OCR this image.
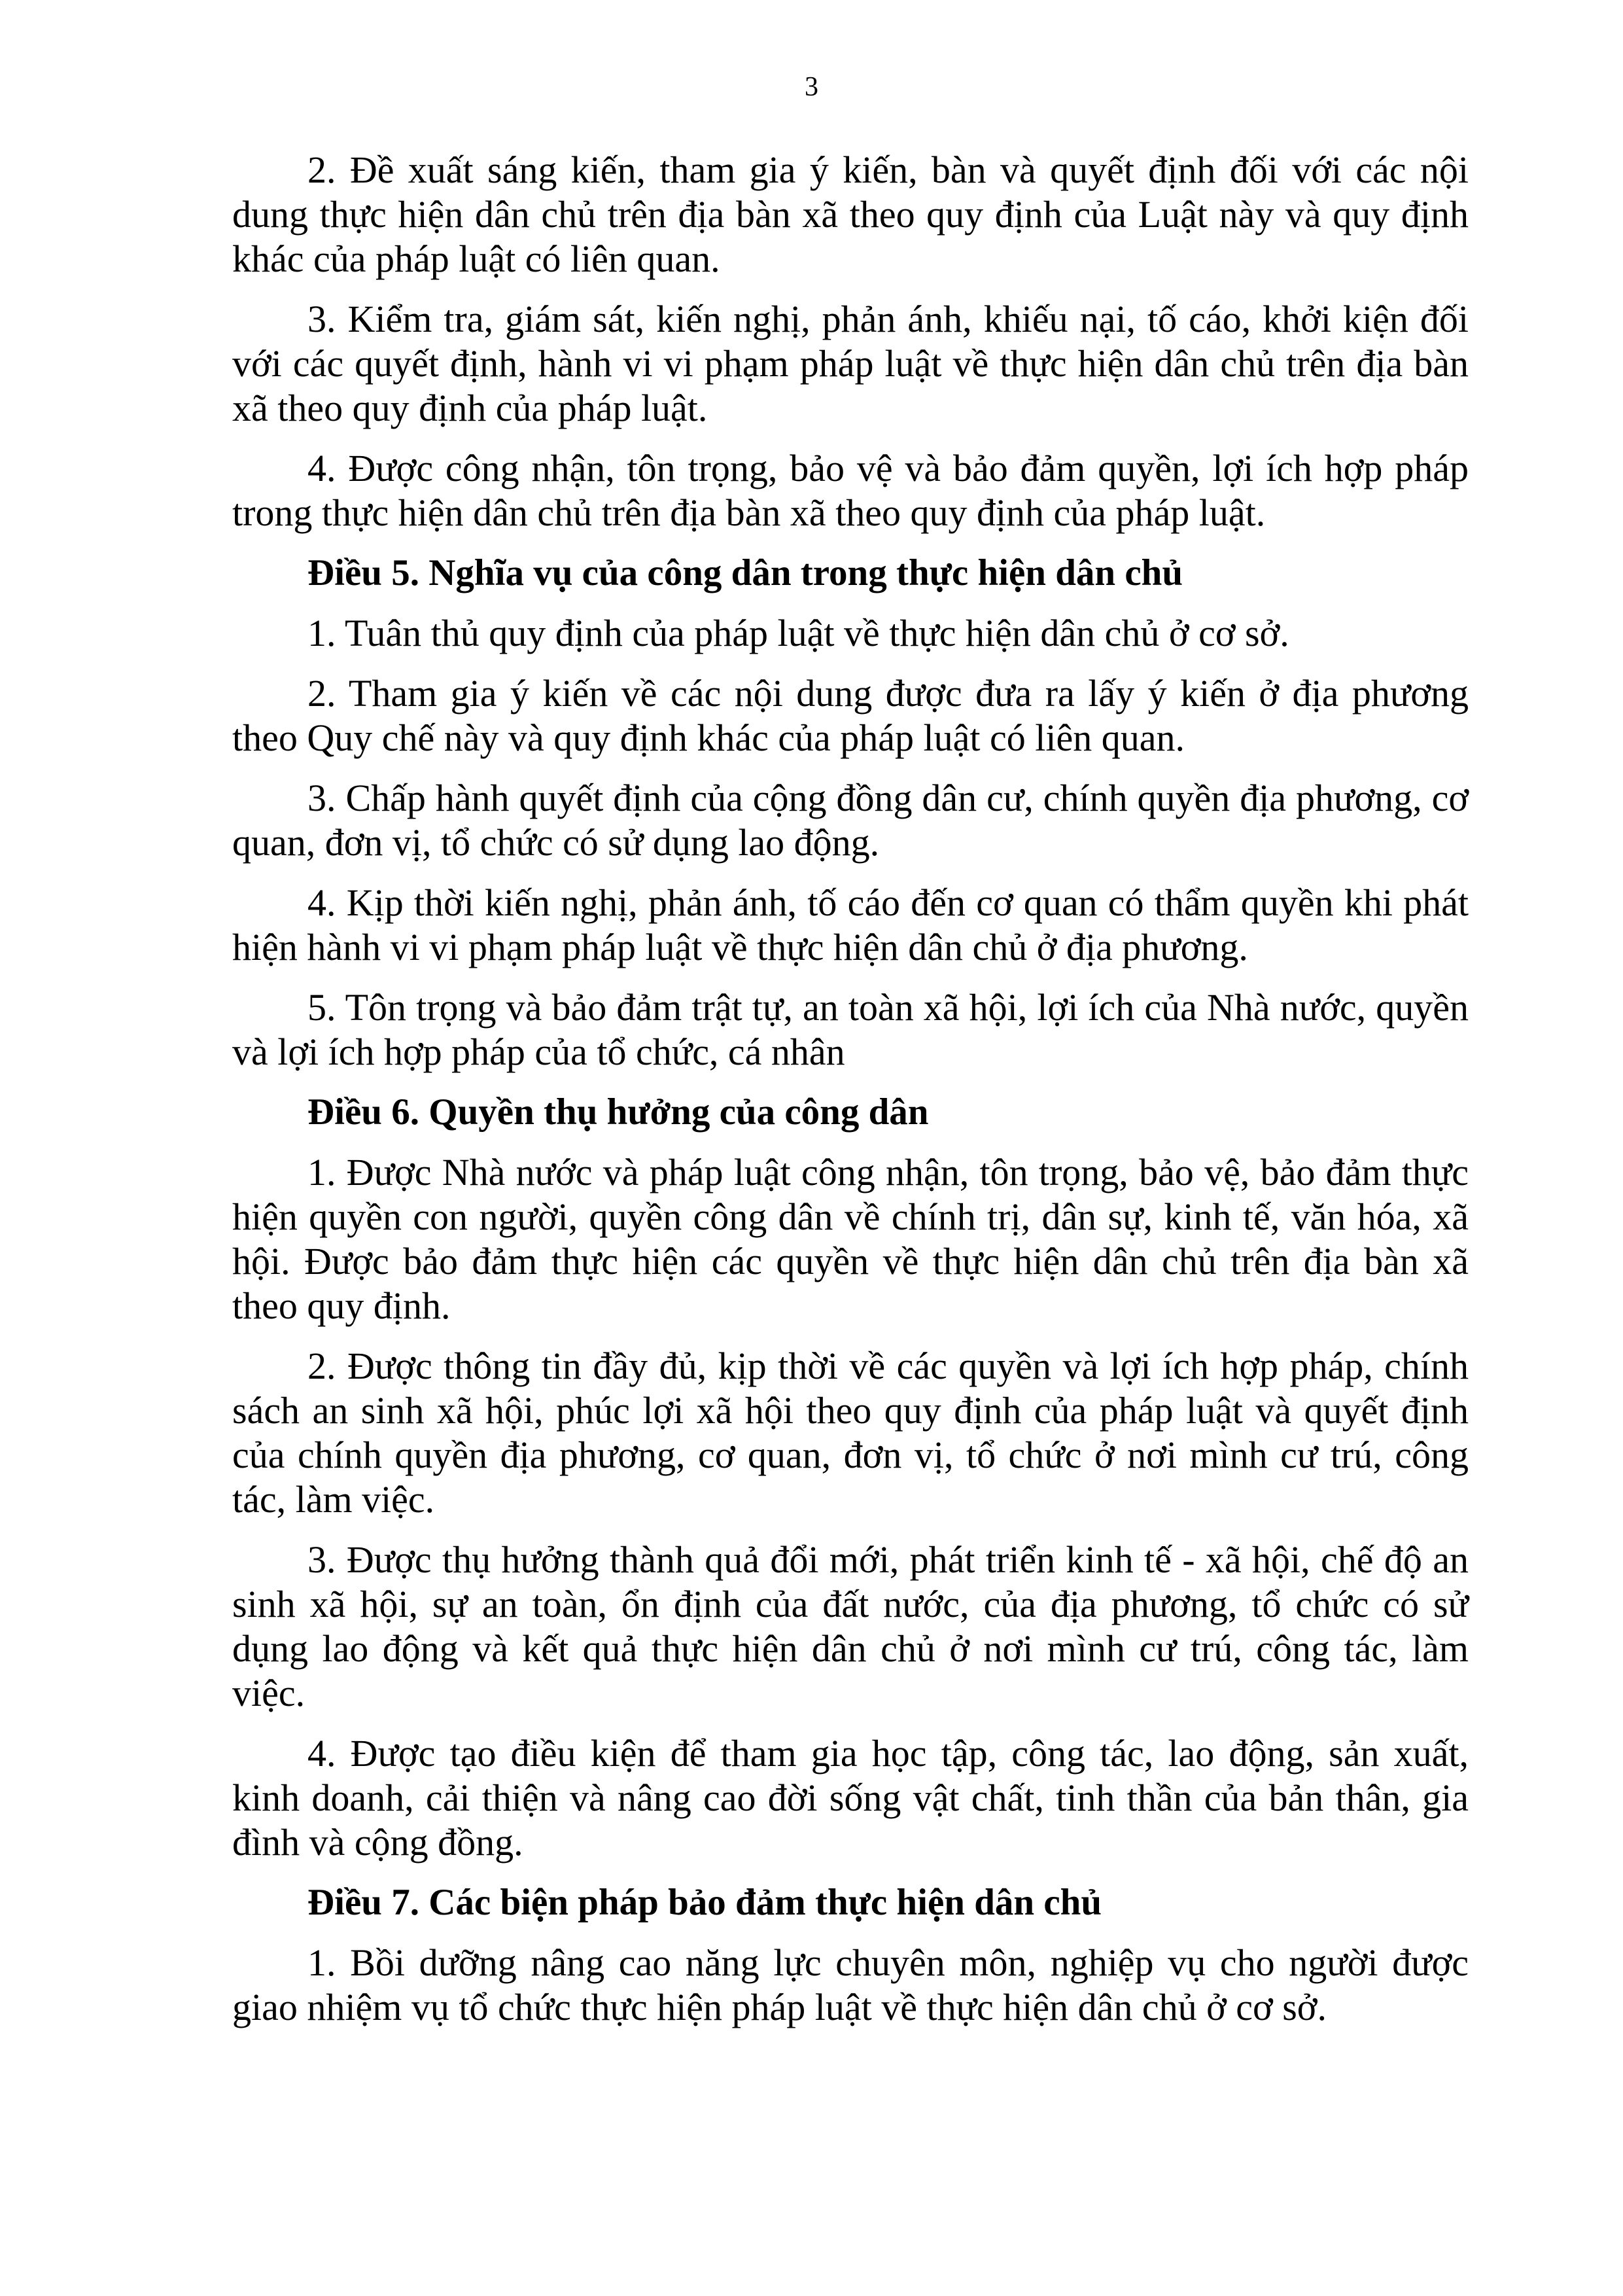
3

2. Đề xuất sáng kiến, tham gia ý kiến, bàn và quyết định đối với các nội dung thực hiện dân chủ trên địa bàn xã theo quy định của Luật này và quy định khác của pháp luật có liên quan.

3. Kiểm tra, giám sát, kiến nghị, phản ánh, khiếu nại, tố cáo, khởi kiện đối với các quyết định, hành vi vi phạm pháp luật về thực hiện dân chủ trên địa bàn xã theo quy định của pháp luật.

4. Được công nhận, tôn trọng, bảo vệ và bảo đảm quyền, lợi ích hợp pháp trong thực hiện dân chủ trên địa bàn xã theo quy định của pháp luật.

Điều 5. Nghĩa vụ của công dân trong thực hiện dân chủ

1. Tuân thủ quy định của pháp luật về thực hiện dân chủ ở cơ sở.

2. Tham gia ý kiến về các nội dung được đưa ra lấy ý kiến ở địa phương theo Quy chế này và quy định khác của pháp luật có liên quan.

3. Chấp hành quyết định của cộng đồng dân cư, chính quyền địa phương, cơ quan, đơn vị, tổ chức có sử dụng lao động.

4. Kịp thời kiến nghị, phản ánh, tố cáo đến cơ quan có thẩm quyền khi phát hiện hành vi vi phạm pháp luật về thực hiện dân chủ ở địa phương.

5. Tôn trọng và bảo đảm trật tự, an toàn xã hội, lợi ích của Nhà nước, quyền và lợi ích hợp pháp của tổ chức, cá nhân

Điều 6. Quyền thụ hưởng của công dân

1. Được Nhà nước và pháp luật công nhận, tôn trọng, bảo vệ, bảo đảm thực hiện quyền con người, quyền công dân về chính trị, dân sự, kinh tế, văn hóa, xã hội. Được bảo đảm thực hiện các quyền về thực hiện dân chủ trên địa bàn xã theo quy định.

2. Được thông tin đầy đủ, kịp thời về các quyền và lợi ích hợp pháp, chính sách an sinh xã hội, phúc lợi xã hội theo quy định của pháp luật và quyết định của chính quyền địa phương, cơ quan, đơn vị, tổ chức ở nơi mình cư trú, công tác, làm việc.

3. Được thụ hưởng thành quả đổi mới, phát triển kinh tế - xã hội, chế độ an sinh xã hội, sự an toàn, ổn định của đất nước, của địa phương, tổ chức có sử dụng lao động và kết quả thực hiện dân chủ ở nơi mình cư trú, công tác, làm việc.

4. Được tạo điều kiện để tham gia học tập, công tác, lao động, sản xuất, kinh doanh, cải thiện và nâng cao đời sống vật chất, tinh thần của bản thân, gia đình và cộng đồng.

Điều 7. Các biện pháp bảo đảm thực hiện dân chủ

1. Bồi dưỡng nâng cao năng lực chuyên môn, nghiệp vụ cho người được giao nhiệm vụ tổ chức thực hiện pháp luật về thực hiện dân chủ ở cơ sở.
